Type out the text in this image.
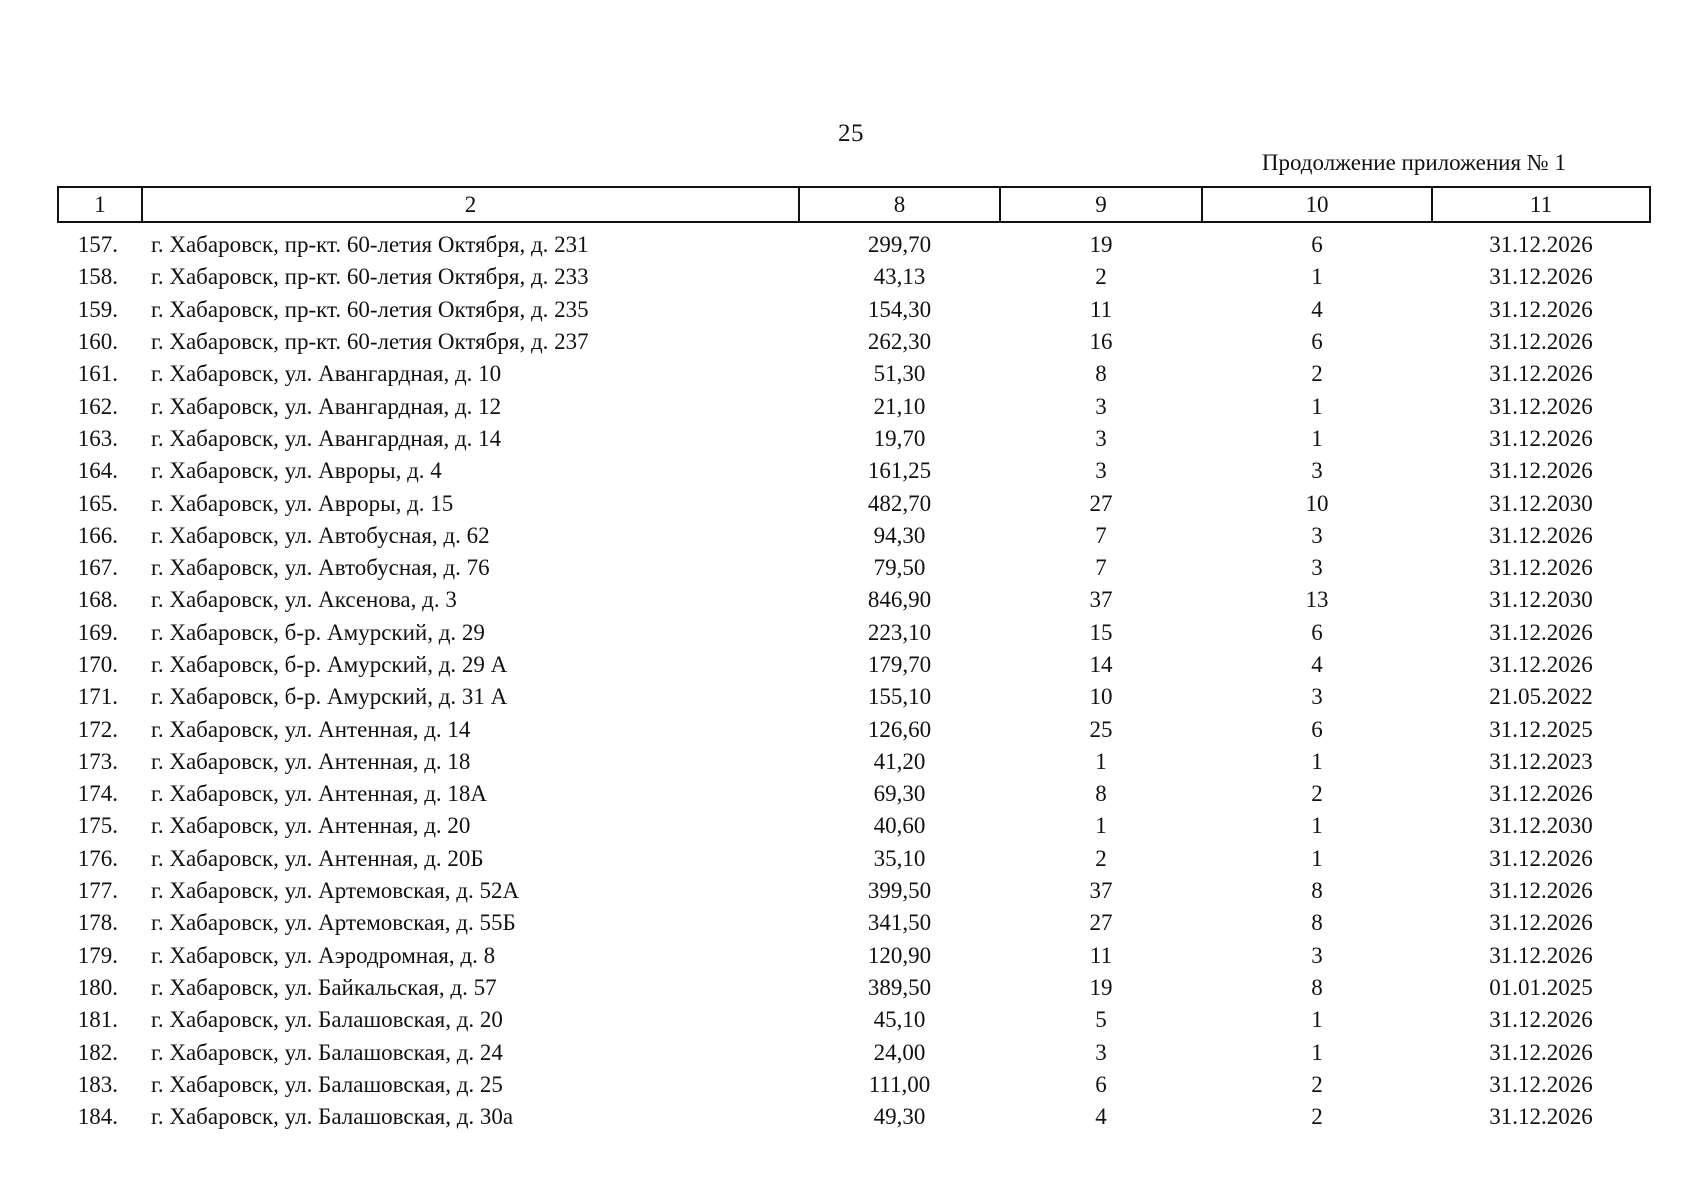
25
Продолжение приложения № 1
1	2	8	9	10	11
157.	г. Хабаровск, пр-кт. 60-летия Октября, д. 231	299,70	19	6	31.12.2026
158.	г. Хабаровск, пр-кт. 60-летия Октября, д. 233	43,13	2	1	31.12.2026
159.	г. Хабаровск, пр-кт. 60-летия Октября, д. 235	154,30	11	4	31.12.2026
160.	г. Хабаровск, пр-кт. 60-летия Октября, д. 237	262,30	16	6	31.12.2026
161.	г. Хабаровск, ул. Авангардная, д. 10	51,30	8	2	31.12.2026
162.	г. Хабаровск, ул. Авангардная, д. 12	21,10	3	1	31.12.2026
163.	г. Хабаровск, ул. Авангардная, д. 14	19,70	3	1	31.12.2026
164.	г. Хабаровск, ул. Авроры, д. 4	161,25	3	3	31.12.2026
165.	г. Хабаровск, ул. Авроры, д. 15	482,70	27	10	31.12.2030
166.	г. Хабаровск, ул. Автобусная, д. 62	94,30	7	3	31.12.2026
167.	г. Хабаровск, ул. Автобусная, д. 76	79,50	7	3	31.12.2026
168.	г. Хабаровск, ул. Аксенова, д. 3	846,90	37	13	31.12.2030
169.	г. Хабаровск, б-р. Амурский, д. 29	223,10	15	6	31.12.2026
170.	г. Хабаровск, б-р. Амурский, д. 29 А	179,70	14	4	31.12.2026
171.	г. Хабаровск, б-р. Амурский, д. 31 А	155,10	10	3	21.05.2022
172.	г. Хабаровск, ул. Антенная, д. 14	126,60	25	6	31.12.2025
173.	г. Хабаровск, ул. Антенная, д. 18	41,20	1	1	31.12.2023
174.	г. Хабаровск, ул. Антенная, д. 18А	69,30	8	2	31.12.2026
175.	г. Хабаровск, ул. Антенная, д. 20	40,60	1	1	31.12.2030
176.	г. Хабаровск, ул. Антенная, д. 20Б	35,10	2	1	31.12.2026
177.	г. Хабаровск, ул. Артемовская, д. 52А	399,50	37	8	31.12.2026
178.	г. Хабаровск, ул. Артемовская, д. 55Б	341,50	27	8	31.12.2026
179.	г. Хабаровск, ул. Аэродромная, д. 8	120,90	11	3	31.12.2026
180.	г. Хабаровск, ул. Байкальская, д. 57	389,50	19	8	01.01.2025
181.	г. Хабаровск, ул. Балашовская, д. 20	45,10	5	1	31.12.2026
182.	г. Хабаровск, ул. Балашовская, д. 24	24,00	3	1	31.12.2026
183.	г. Хабаровск, ул. Балашовская, д. 25	111,00	6	2	31.12.2026
184.	г. Хабаровск, ул. Балашовская, д. 30а	49,30	4	2	31.12.2026
